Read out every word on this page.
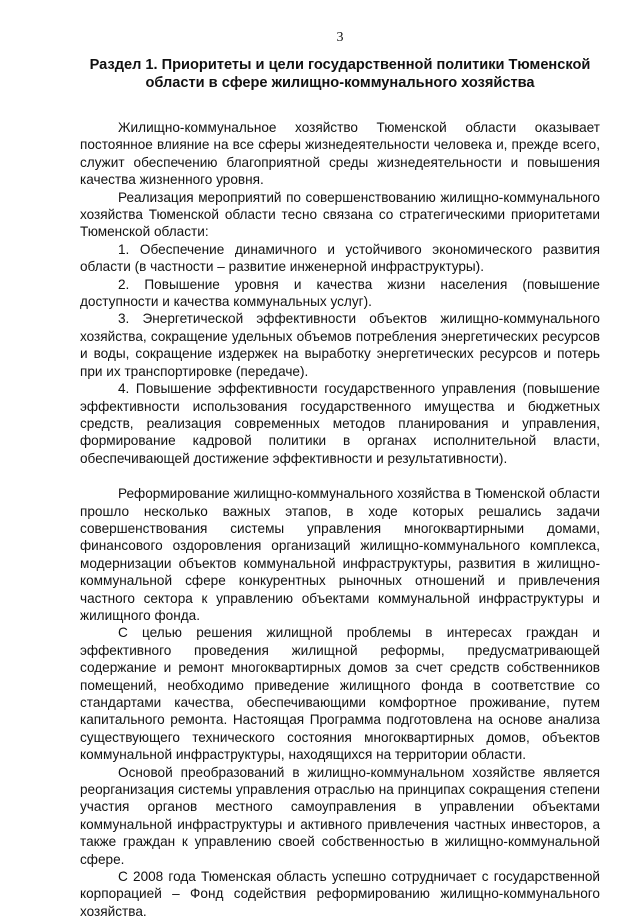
3
Раздел 1. Приоритеты и цели государственной политики Тюменской области в сфере жилищно-коммунального хозяйства

Жилищно-коммунальное хозяйство Тюменской области оказывает постоянное влияние на все сферы жизнедеятельности человека и, прежде всего, служит обеспечению благоприятной среды жизнедеятельности и повышения качества жизненного уровня.

Реализация мероприятий по совершенствованию жилищно-коммунального хозяйства Тюменской области тесно связана со стратегическими приоритетами Тюменской области:

1. Обеспечение динамичного и устойчивого экономического развития области (в частности – развитие инженерной инфраструктуры).

2. Повышение уровня и качества жизни населения (повышение доступности и качества коммунальных услуг).

3. Энергетической эффективности объектов жилищно-коммунального хозяйства, сокращение удельных объемов потребления энергетических ресурсов и воды, сокращение издержек на выработку энергетических ресурсов и потерь при их транспортировке (передаче).

4. Повышение эффективности государственного управления (повышение эффективности использования государственного имущества и бюджетных средств, реализация современных методов планирования и управления, формирование кадровой политики в органах исполнительной власти, обеспечивающей достижение эффективности и результативности).

Реформирование жилищно-коммунального хозяйства в Тюменской области прошло несколько важных этапов, в ходе которых решались задачи совершенствования системы управления многоквартирными домами, финансового оздоровления организаций жилищно-коммунального комплекса, модернизации объектов коммунальной инфраструктуры, развития в жилищно-коммунальной сфере конкурентных рыночных отношений и привлечения частного сектора к управлению объектами коммунальной инфраструктуры и жилищного фонда.

С целью решения жилищной проблемы в интересах граждан и эффективного проведения жилищной реформы, предусматривающей содержание и ремонт многоквартирных домов за счет средств собственников помещений, необходимо приведение жилищного фонда в соответствие со стандартами качества, обеспечивающими комфортное проживание, путем капитального ремонта. Настоящая Программа подготовлена на основе анализа существующего технического состояния многоквартирных домов, объектов коммунальной инфраструктуры, находящихся на территории области.

Основой преобразований в жилищно-коммунальном хозяйстве является реорганизация системы управления отраслью на принципах сокращения степени участия органов местного самоуправления в управлении объектами коммунальной инфраструктуры и активного привлечения частных инвесторов, а также граждан к управлению своей собственностью в жилищно-коммунальной сфере.

С 2008 года Тюменская область успешно сотрудничает с государственной корпорацией – Фонд содействия реформированию жилищно-коммунального хозяйства.
